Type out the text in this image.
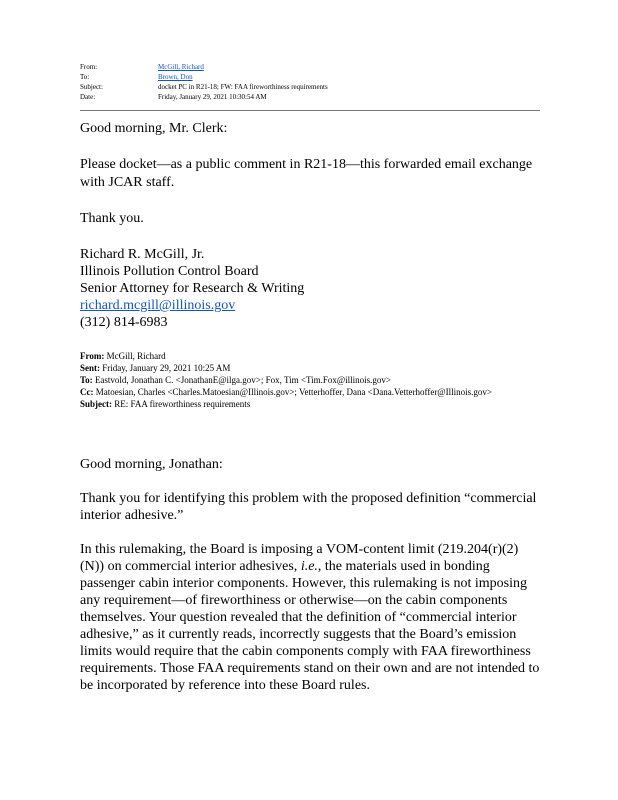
From:	McGill, Richard
To:	Brown, Don
Subject:	docket PC in R21-18; FW: FAA fireworthiness requirements
Date:	Friday, January 29, 2021 10:30:54 AM

Good morning, Mr. Clerk:

Please docket—as a public comment in R21-18—this forwarded email exchange with JCAR staff.

Thank you.

Richard R. McGill, Jr.
Illinois Pollution Control Board
Senior Attorney for Research & Writing
richard.mcgill@illinois.gov
(312) 814-6983
From: McGill, Richard
Sent: Friday, January 29, 2021 10:25 AM
To: Eastvold, Jonathan C. <JonathanE@ilga.gov>; Fox, Tim <Tim.Fox@illinois.gov>
Cc: Matoesian, Charles <Charles.Matoesian@Illinois.gov>; Vetterhoffer, Dana <Dana.Vetterhoffer@Illinois.gov>
Subject: RE: FAA fireworthiness requirements

Good morning, Jonathan:

Thank you for identifying this problem with the proposed definition “commercial interior adhesive.”

In this rulemaking, the Board is imposing a VOM-content limit (219.204(r)(2)(N)) on commercial interior adhesives, i.e., the materials used in bonding passenger cabin interior components. However, this rulemaking is not imposing any requirement—of fireworthiness or otherwise—on the cabin components themselves. Your question revealed that the definition of “commercial interior adhesive,” as it currently reads, incorrectly suggests that the Board’s emission limits would require that the cabin components comply with FAA fireworthiness requirements. Those FAA requirements stand on their own and are not intended to be incorporated by reference into these Board rules.
